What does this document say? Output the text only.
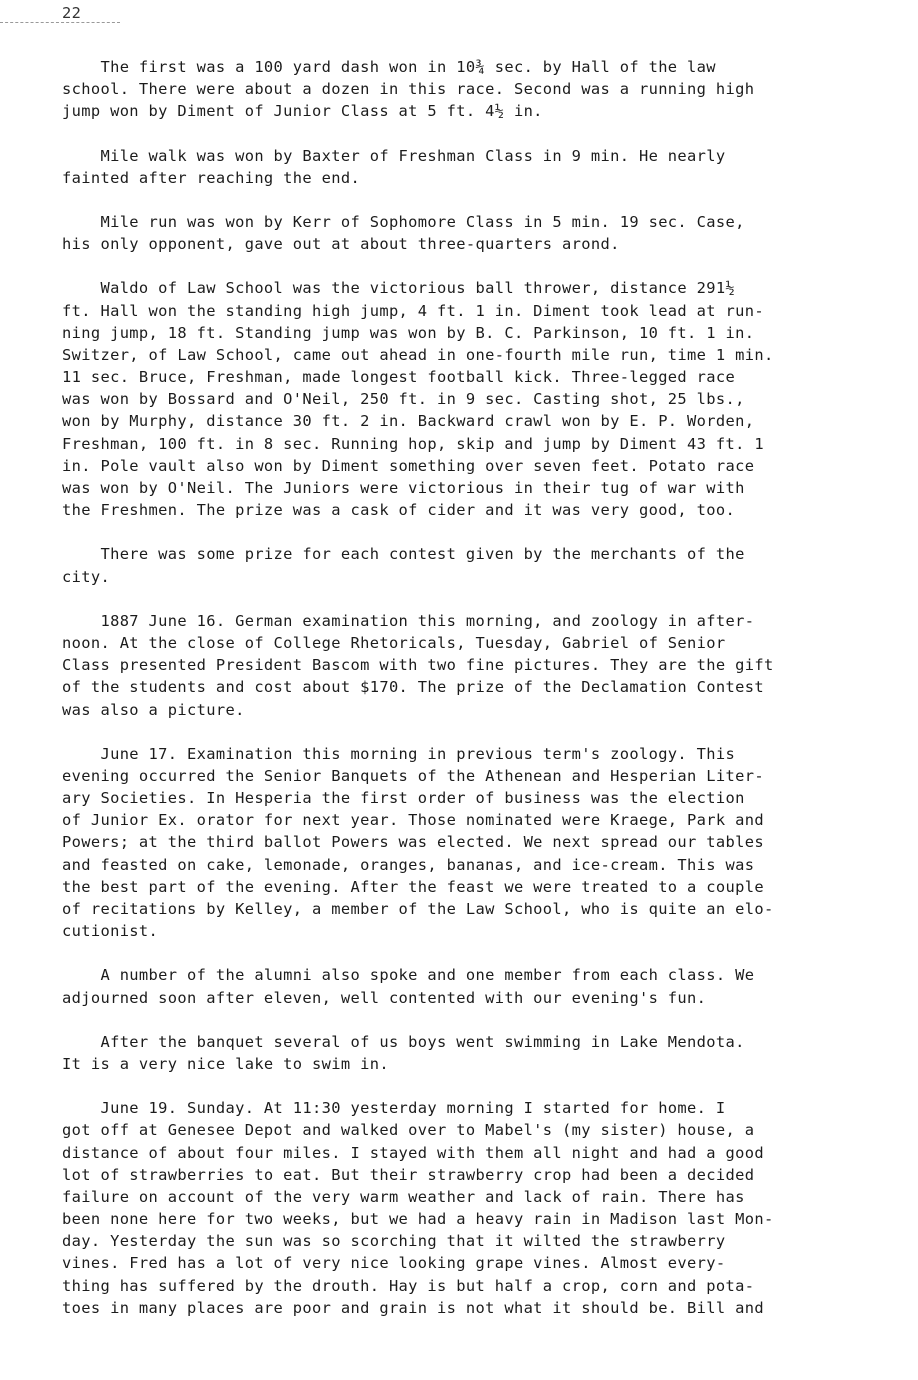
22
The first was a 100 yard dash won in 10¾ sec. by Hall of the law
school. There were about a dozen in this race. Second was a running high
jump won by Diment of Junior Class at 5 ft. 4½ in.
Mile walk was won by Baxter of Freshman Class in 9 min. He nearly
fainted after reaching the end.
Mile run was won by Kerr of Sophomore Class in 5 min. 19 sec. Case,
his only opponent, gave out at about three-quarters arond.
Waldo of Law School was the victorious ball thrower, distance 291½
ft. Hall won the standing high jump, 4 ft. 1 in. Diment took lead at run-
ning jump, 18 ft. Standing jump was won by B. C. Parkinson, 10 ft. 1 in.
Switzer, of Law School, came out ahead in one-fourth mile run, time 1 min.
11 sec. Bruce, Freshman, made longest football kick. Three-legged race
was won by Bossard and O'Neil, 250 ft. in 9 sec. Casting shot, 25 lbs.,
won by Murphy, distance 30 ft. 2 in. Backward crawl won by E. P. Worden,
Freshman, 100 ft. in 8 sec. Running hop, skip and jump by Diment 43 ft. 1
in. Pole vault also won by Diment something over seven feet. Potato race
was won by O'Neil. The Juniors were victorious in their tug of war with
the Freshmen. The prize was a cask of cider and it was very good, too.
There was some prize for each contest given by the merchants of the
city.
1887 June 16. German examination this morning, and zoology in after-
noon. At the close of College Rhetoricals, Tuesday, Gabriel of Senior
Class presented President Bascom with two fine pictures. They are the gift
of the students and cost about $170. The prize of the Declamation Contest
was also a picture.
June 17. Examination this morning in previous term's zoology. This
evening occurred the Senior Banquets of the Athenean and Hesperian Liter-
ary Societies. In Hesperia the first order of business was the election
of Junior Ex. orator for next year. Those nominated were Kraege, Park and
Powers; at the third ballot Powers was elected. We next spread our tables
and feasted on cake, lemonade, oranges, bananas, and ice-cream. This was
the best part of the evening. After the feast we were treated to a couple
of recitations by Kelley, a member of the Law School, who is quite an elo-
cutionist.
A number of the alumni also spoke and one member from each class. We
adjourned soon after eleven, well contented with our evening's fun.
After the banquet several of us boys went swimming in Lake Mendota.
It is a very nice lake to swim in.
June 19. Sunday. At 11:30 yesterday morning I started for home. I
got off at Genesee Depot and walked over to Mabel's (my sister) house, a
distance of about four miles. I stayed with them all night and had a good
lot of strawberries to eat. But their strawberry crop had been a decided
failure on account of the very warm weather and lack of rain. There has
been none here for two weeks, but we had a heavy rain in Madison last Mon-
day. Yesterday the sun was so scorching that it wilted the strawberry
vines. Fred has a lot of very nice looking grape vines. Almost every-
thing has suffered by the drouth. Hay is but half a crop, corn and pota-
toes in many places are poor and grain is not what it should be. Bill and
